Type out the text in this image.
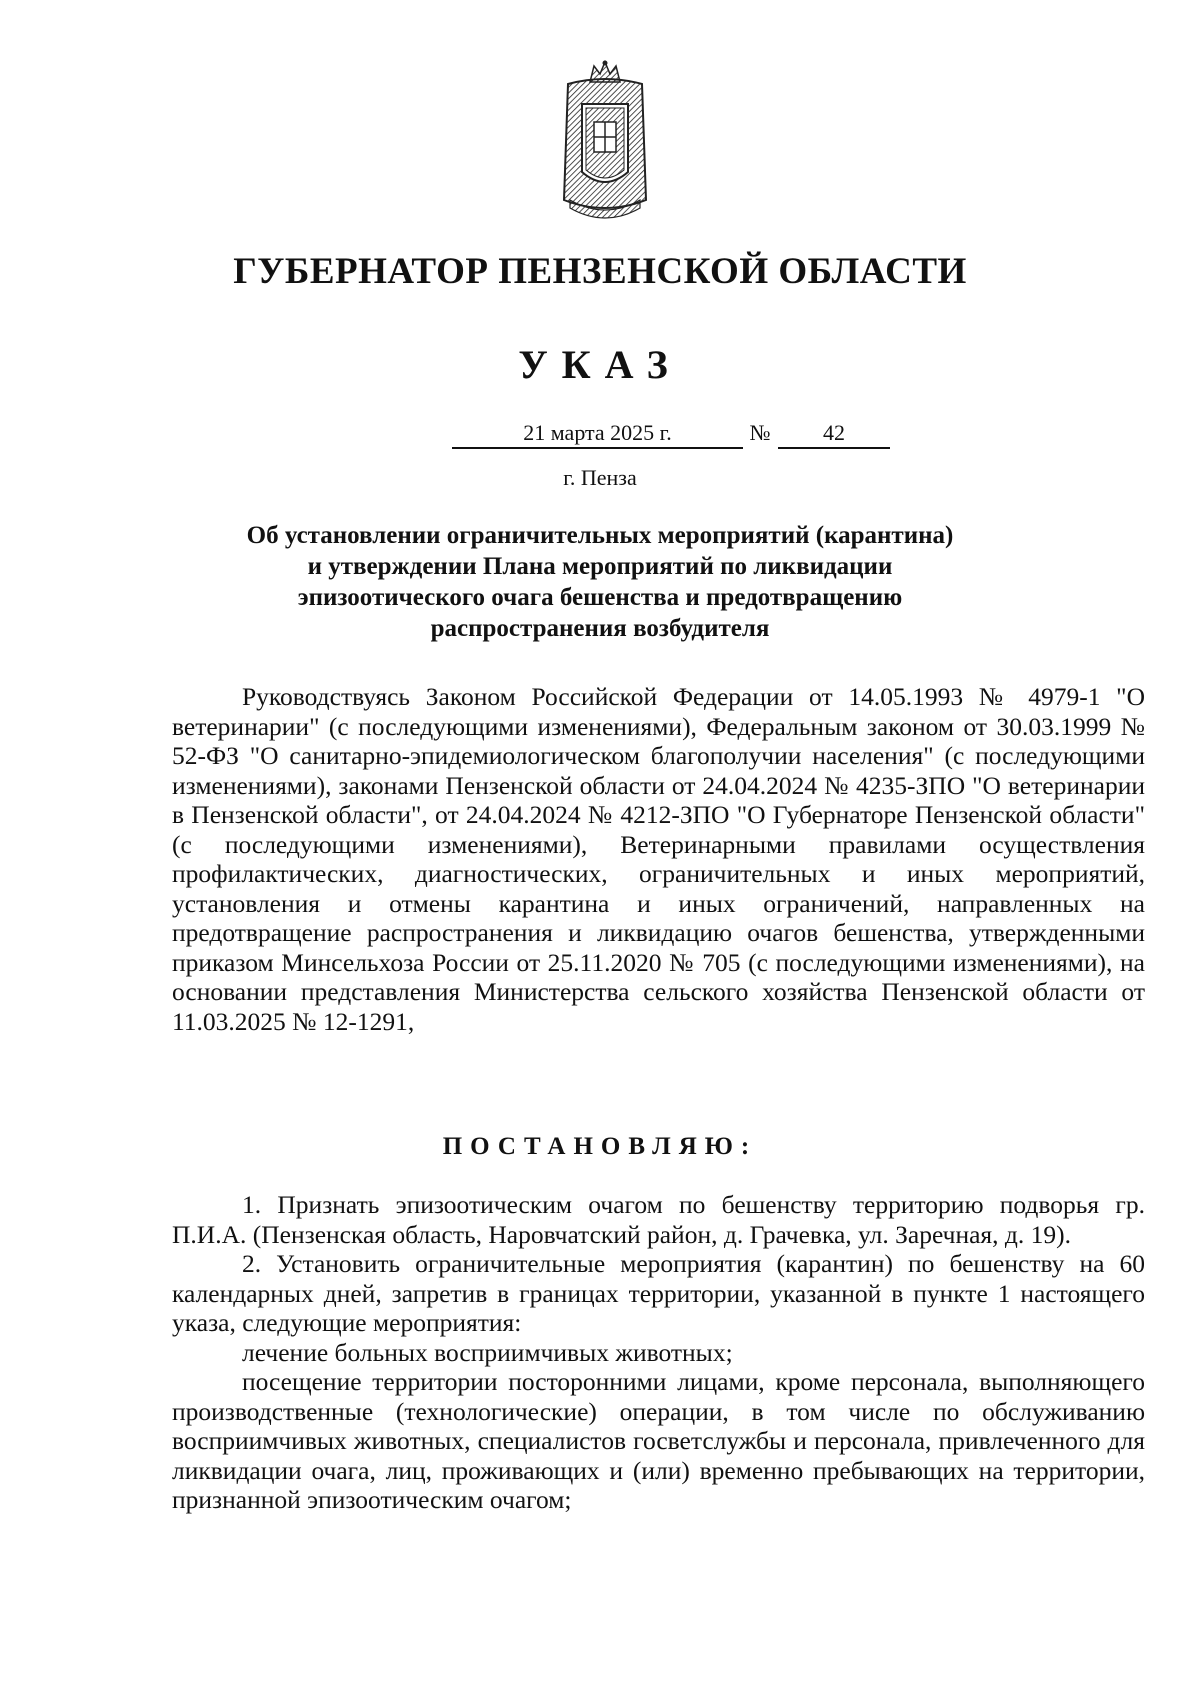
ГУБЕРНАТОР ПЕНЗЕНСКОЙ ОБЛАСТИ
УКАЗ
21 марта 2025 г.	№	42
г. Пенза
Об установлении ограничительных мероприятий (карантина)
и утверждении Плана мероприятий по ликвидации
эпизоотического очага бешенства и предотвращению
распространения возбудителя

Руководствуясь Законом Российской Федерации от 14.05.1993 № 4979-1 "О ветеринарии" (с последующими изменениями), Федеральным законом от 30.03.1999 № 52-ФЗ "О санитарно-эпидемиологическом благополучии населения" (с последующими изменениями), законами Пензенской области от 24.04.2024 № 4235-ЗПО "О ветеринарии в Пензенской области", от 24.04.2024 № 4212-ЗПО "О Губернаторе Пензенской области" (с последующими изменениями), Ветеринарными правилами осуществления профилактических, диагностических, ограничительных и иных мероприятий, установления и отмены карантина и иных ограничений, направленных на предотвращение распространения и ликвидацию очагов бешенства, утвержденными приказом Минсельхоза России от 25.11.2020 № 705 (с последующими изменениями), на основании представления Министерства сельского хозяйства Пензенской области от 11.03.2025 № 12-1291,

ПОСТАНОВЛЯЮ:

1. Признать эпизоотическим очагом по бешенству территорию подворья гр. П.И.А. (Пензенская область, Наровчатский район, д. Грачевка, ул. Заречная, д. 19).

2. Установить ограничительные мероприятия (карантин) по бешенству на 60 календарных дней, запретив в границах территории, указанной в пункте 1 настоящего указа, следующие мероприятия:

лечение больных восприимчивых животных;

посещение территории посторонними лицами, кроме персонала, выполняющего производственные (технологические) операции, в том числе по обслуживанию восприимчивых животных, специалистов госветслужбы и персонала, привлеченного для ликвидации очага, лиц, проживающих и (или) временно пребывающих на территории, признанной эпизоотическим очагом;
